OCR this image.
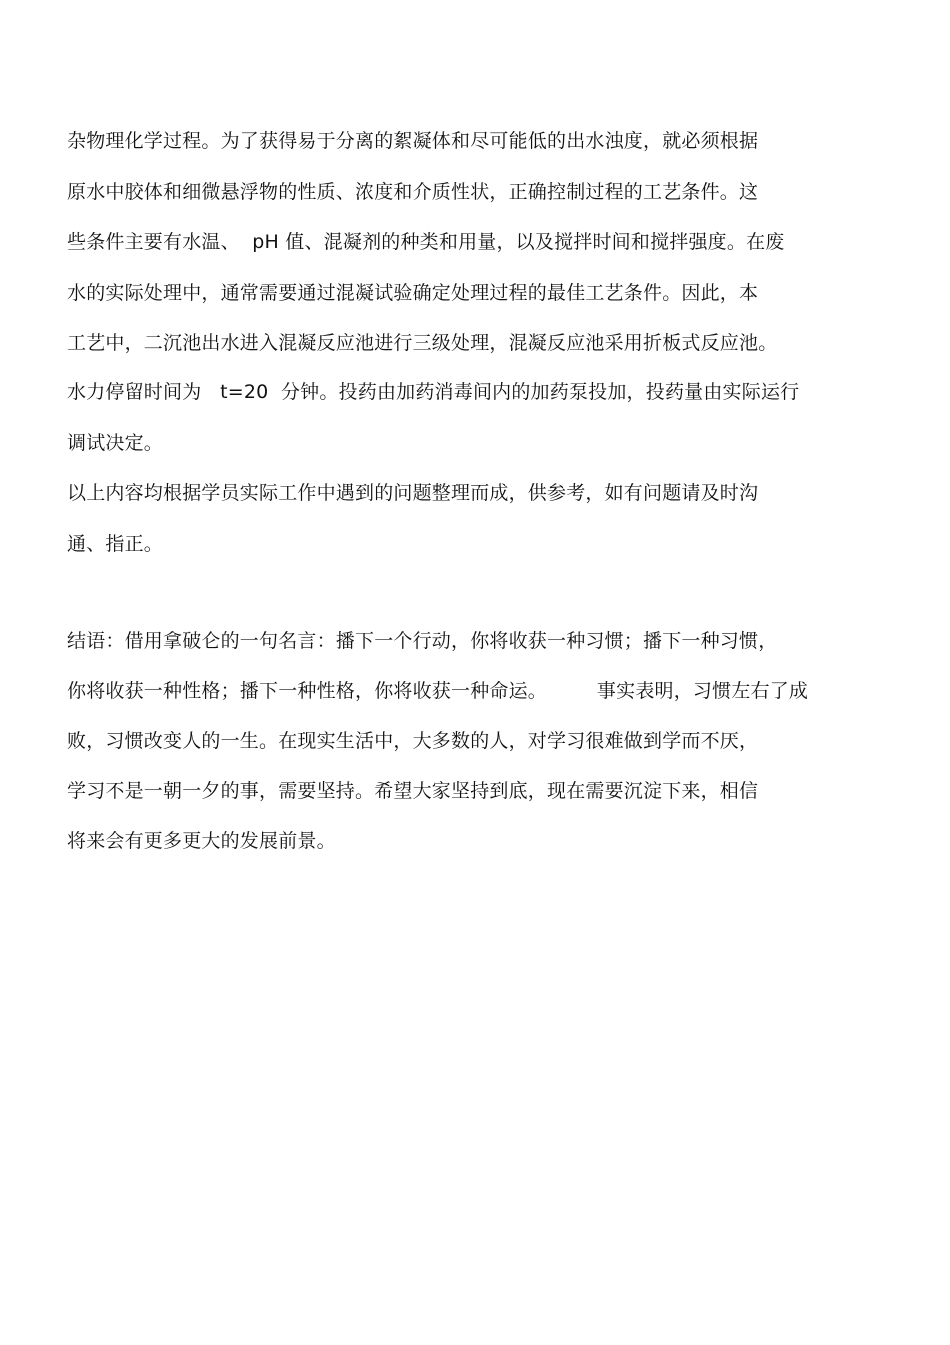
杂物理化学过程。为了获得易于分离的絮凝体和尽可能低的出水浊度，就必须根据
原水中胶体和细微悬浮物的性质、浓度和介质性状，正确控制过程的工艺条件。这
些条件主要有水温、  pH 值、混凝剂的种类和用量，以及搅拌时间和搅拌强度。在废
水的实际处理中，通常需要通过混凝试验确定处理过程的最佳工艺条件。因此，本
工艺中，二沉池出水进入混凝反应池进行三级处理，混凝反应池采用折板式反应池。
水力停留时间为   t=20  分钟。投药由加药消毒间内的加药泵投加，投药量由实际运行
调试决定。
以上内容均根据学员实际工作中遇到的问题整理而成，供参考，如有问题请及时沟
通、指正。
结语：借用拿破仑的一句名言：播下一个行动，你将收获一种习惯；播下一种习惯，
你将收获一种性格；播下一种性格，你将收获一种命运。        事实表明，习惯左右了成
败，习惯改变人的一生。在现实生活中，大多数的人，对学习很难做到学而不厌，
学习不是一朝一夕的事，需要坚持。希望大家坚持到底，现在需要沉淀下来，相信
将来会有更多更大的发展前景。
